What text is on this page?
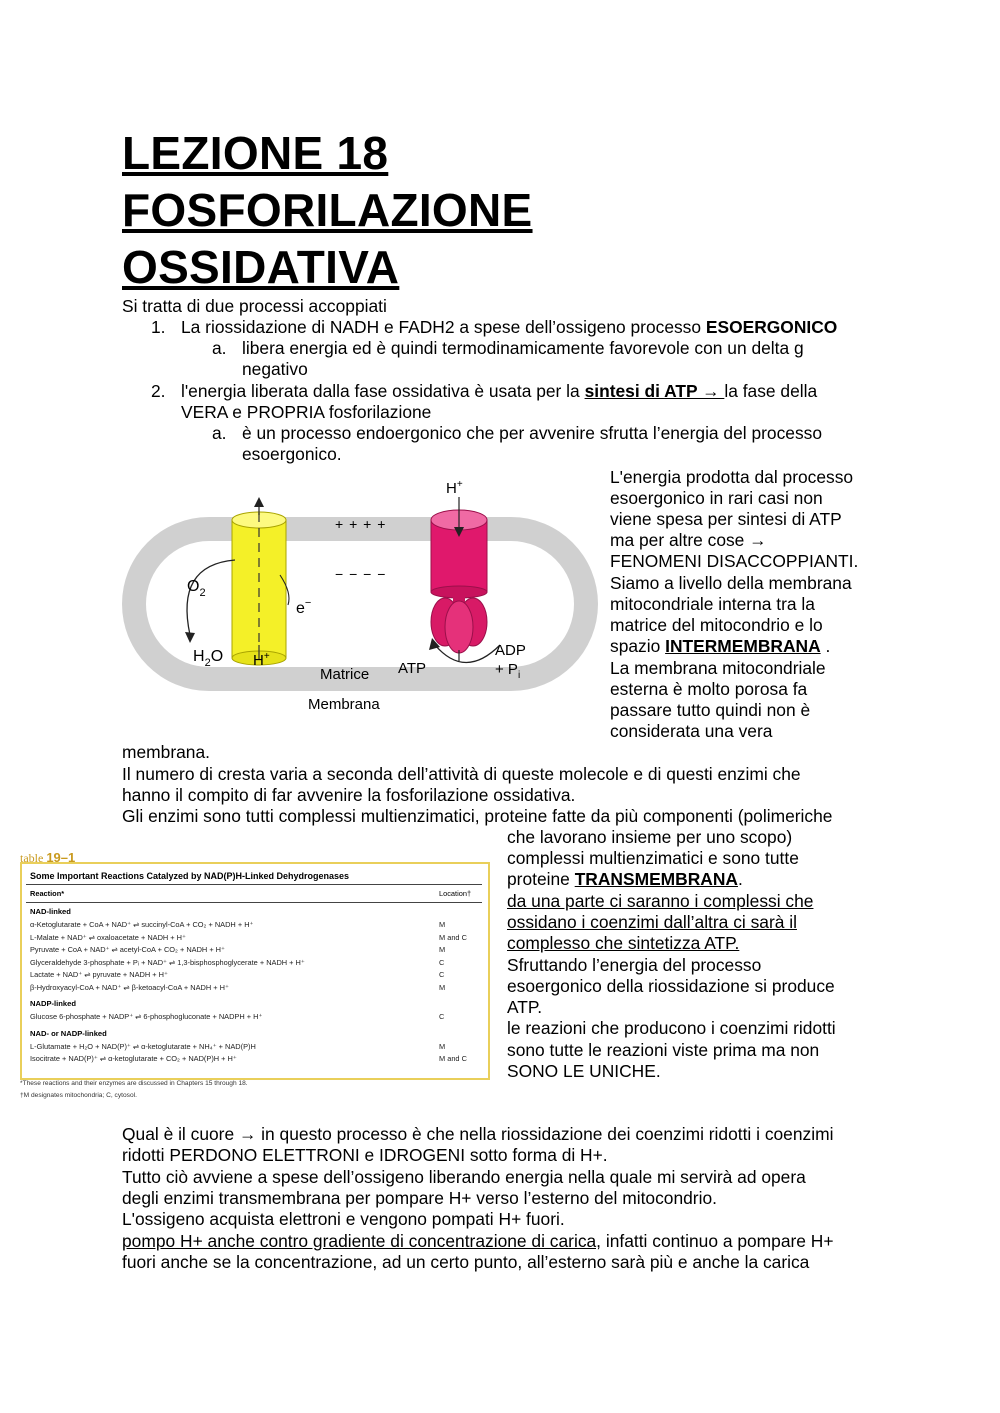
LEZIONE 18
FOSFORILAZIONE
OSSIDATIVA
Si tratta di due processi accoppiati
1. La riossidazione di NADH e FADH2 a spese dell’ossigeno processo ESOERGONICO
a. libera energia ed è quindi termodinamicamente favorevole con un delta g
negativo
2. l'energia liberata dalla fase ossidativa è usata per la sintesi di ATP → la fase della
VERA e PROPRIA fosforilazione
a. è un processo endoergonico che per avvenire sfrutta l’energia del processo
esoergonico.
$O_2$
$H_2O$
e−
H+
H+
+ + + +
− − − −
Matrice
Membrana
ATP
ADP
+ $P_i$
L'energia prodotta dal processo
esoergonico in rari casi non
viene spesa per sintesi di ATP
ma per altre cose →
FENOMENI DISACCOPPIANTI.
Siamo a livello della membrana
mitocondriale interna tra la
matrice del mitocondrio e lo
spazio INTERMEMBRANA .
La membrana mitocondriale
esterna è molto porosa fa
passare tutto quindi non è
considerata una vera
membrana.
Il numero di cresta varia a seconda dell’attività di queste molecole e di questi enzimi che
hanno il compito di far avvenire la fosforilazione ossidativa.
Gli enzimi sono tutti complessi multienzimatici, proteine fatte da più componenti (polimeriche
table 19–1
Some Important Reactions Catalyzed by NAD(P)H-Linked Dehydrogenases
Reaction*	Location†
NAD-linked
α-Ketoglutarate + CoA + NAD⁺ ⇌ succinyl-CoA + CO₂ + NADH + H⁺	M
L-Malate + NAD⁺ ⇌ oxaloacetate + NADH + H⁺	M and C
Pyruvate + CoA + NAD⁺ ⇌ acetyl-CoA + CO₂ + NADH + H⁺	M
Glyceraldehyde 3-phosphate + Pᵢ + NAD⁺ ⇌ 1,3-bisphosphoglycerate + NADH + H⁺	C
Lactate + NAD⁺ ⇌ pyruvate + NADH + H⁺	C
β-Hydroxyacyl-CoA + NAD⁺ ⇌ β-ketoacyl-CoA + NADH + H⁺	M
NADP-linked
Glucose 6-phosphate + NADP⁺ ⇌ 6-phosphogluconate + NADPH + H⁺	C
NAD- or NADP-linked
L-Glutamate + H₂O + NAD(P)⁺ ⇌ α-ketoglutarate + NH₄⁺ + NAD(P)H	M
Isocitrate + NAD(P)⁺ ⇌ α-ketoglutarate + CO₂ + NAD(P)H + H⁺	M and C
*These reactions and their enzymes are discussed in Chapters 15 through 18.
†M designates mitochondria; C, cytosol.
che lavorano insieme per uno scopo)
complessi multienzimatici e sono tutte
proteine TRANSMEMBRANA.
da una parte ci saranno i complessi che
ossidano i coenzimi dall’altra ci sarà il
complesso che sintetizza ATP.
Sfruttando l’energia del processo
esoergonico della riossidazione si produce
ATP.
le reazioni che producono i coenzimi ridotti
sono tutte le reazioni viste prima ma non
SONO LE UNICHE.
Qual è il cuore → in questo processo è che nella riossidazione dei coenzimi ridotti i coenzimi
ridotti PERDONO ELETTRONI e IDROGENI sotto forma di H+.
Tutto ciò avviene a spese dell’ossigeno liberando energia nella quale mi servirà ad opera
degli enzimi transmembrana per pompare H+ verso l’esterno del mitocondrio.
L'ossigeno acquista elettroni e vengono pompati H+ fuori.
pompo H+ anche contro gradiente di concentrazione di carica, infatti continuo a pompare H+
fuori anche se la concentrazione, ad un certo punto, all’esterno sarà più e anche la carica
